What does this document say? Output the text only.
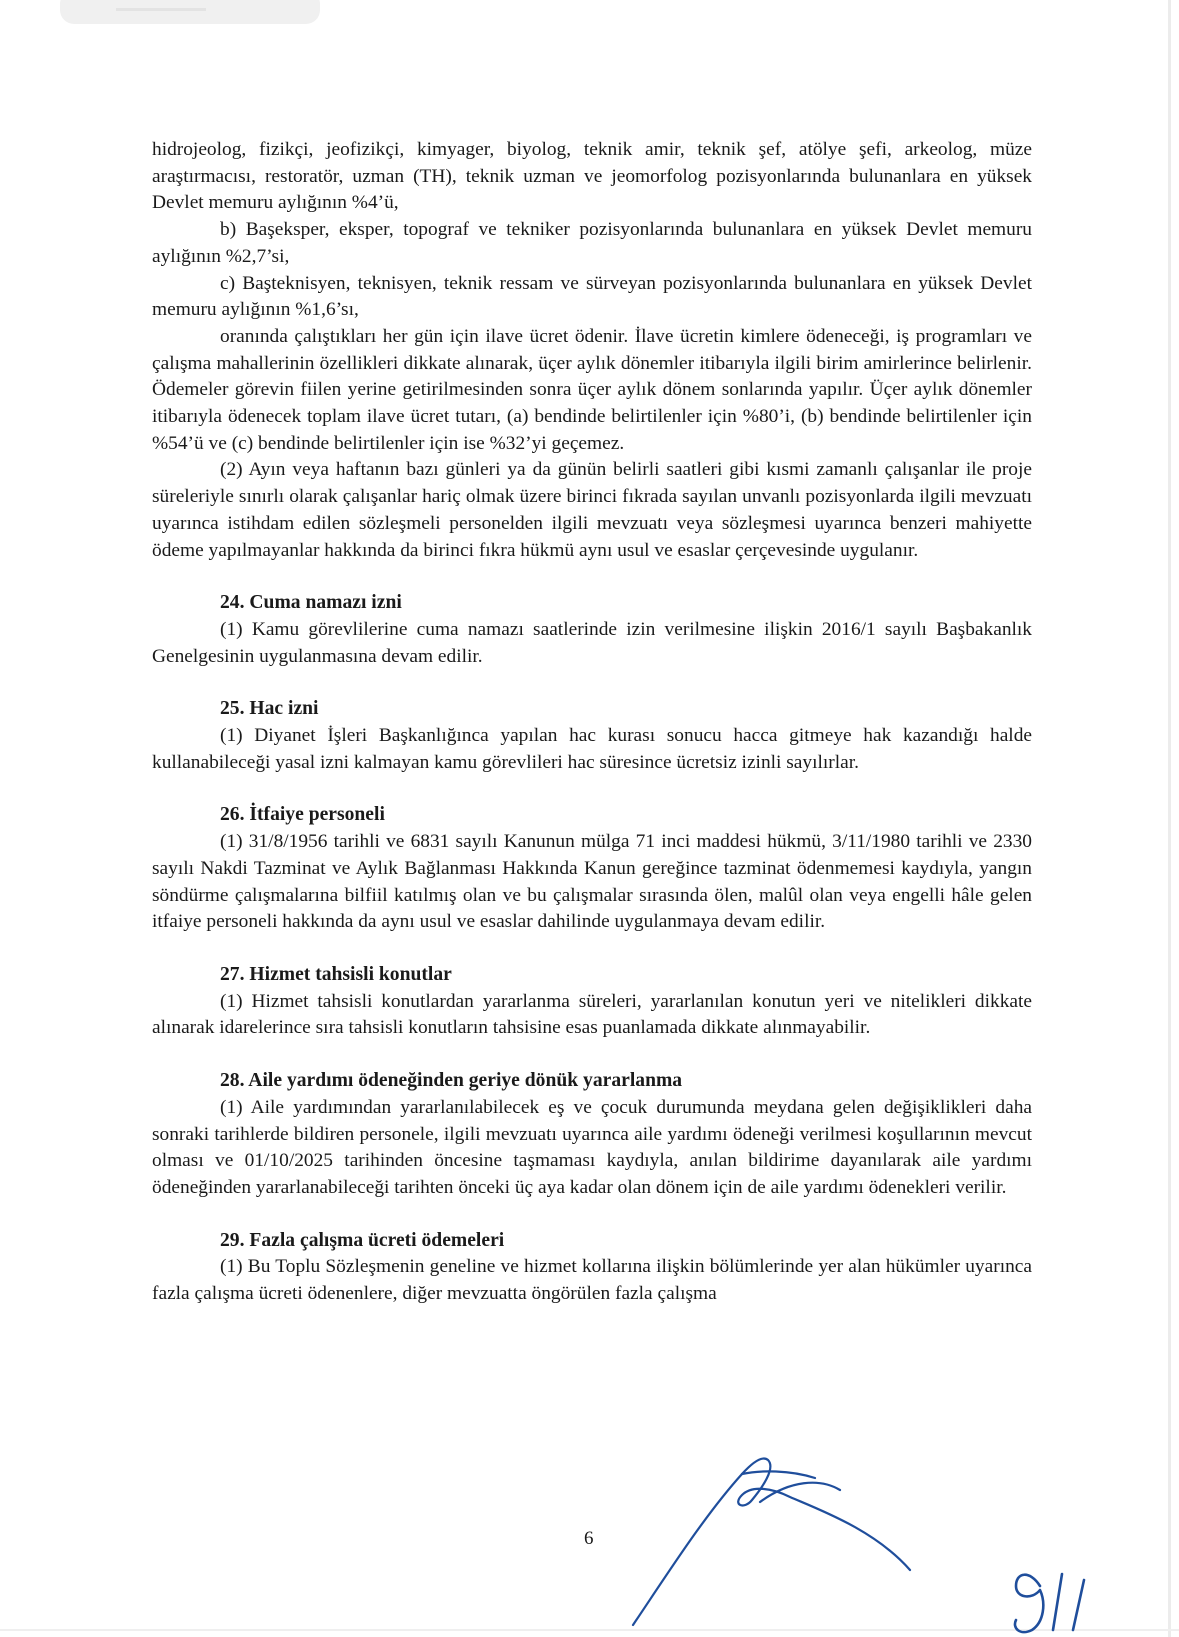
hidrojeolog, fizikçi, jeofizikçi, kimyager, biyolog, teknik amir, teknik şef, atölye şefi, arkeolog, müze araştırmacısı, restoratör, uzman (TH), teknik uzman ve jeomorfolog pozisyonlarında bulunanlara en yüksek Devlet memuru aylığının %4’ü,

b) Başeksper, eksper, topograf ve tekniker pozisyonlarında bulunanlara en yüksek Devlet memuru aylığının %2,7’si,

c) Başteknisyen, teknisyen, teknik ressam ve sürveyan pozisyonlarında bulunanlara en yüksek Devlet memuru aylığının %1,6’sı,

oranında çalıştıkları her gün için ilave ücret ödenir. İlave ücretin kimlere ödeneceği, iş programları ve çalışma mahallerinin özellikleri dikkate alınarak, üçer aylık dönemler itibarıyla ilgili birim amirlerince belirlenir. Ödemeler görevin fiilen yerine getirilmesinden sonra üçer aylık dönem sonlarında yapılır. Üçer aylık dönemler itibarıyla ödenecek toplam ilave ücret tutarı, (a) bendinde belirtilenler için %80’i, (b) bendinde belirtilenler için %54’ü ve (c) bendinde belirtilenler için ise %32’yi geçemez.

(2) Ayın veya haftanın bazı günleri ya da günün belirli saatleri gibi kısmi zamanlı çalışanlar ile proje süreleriyle sınırlı olarak çalışanlar hariç olmak üzere birinci fıkrada sayılan unvanlı pozisyonlarda ilgili mevzuatı uyarınca istihdam edilen sözleşmeli personelden ilgili mevzuatı veya sözleşmesi uyarınca benzeri mahiyette ödeme yapılmayanlar hakkında da birinci fıkra hükmü aynı usul ve esaslar çerçevesinde uygulanır.

24. Cuma namazı izni

(1) Kamu görevlilerine cuma namazı saatlerinde izin verilmesine ilişkin 2016/1 sayılı Başbakanlık Genelgesinin uygulanmasına devam edilir.

25. Hac izni

(1) Diyanet İşleri Başkanlığınca yapılan hac kurası sonucu hacca gitmeye hak kazandığı halde kullanabileceği yasal izni kalmayan kamu görevlileri hac süresince ücretsiz izinli sayılırlar.

26. İtfaiye personeli

(1) 31/8/1956 tarihli ve 6831 sayılı Kanunun mülga 71 inci maddesi hükmü, 3/11/1980 tarihli ve 2330 sayılı Nakdi Tazminat ve Aylık Bağlanması Hakkında Kanun gereğince tazminat ödenmemesi kaydıyla, yangın söndürme çalışmalarına bilfiil katılmış olan ve bu çalışmalar sırasında ölen, malûl olan veya engelli hâle gelen itfaiye personeli hakkında da aynı usul ve esaslar dahilinde uygulanmaya devam edilir.

27. Hizmet tahsisli konutlar

(1) Hizmet tahsisli konutlardan yararlanma süreleri, yararlanılan konutun yeri ve nitelikleri dikkate alınarak idarelerince sıra tahsisli konutların tahsisine esas puanlamada dikkate alınmayabilir.

28. Aile yardımı ödeneğinden geriye dönük yararlanma

(1) Aile yardımından yararlanılabilecek eş ve çocuk durumunda meydana gelen değişiklikleri daha sonraki tarihlerde bildiren personele, ilgili mevzuatı uyarınca aile yardımı ödeneği verilmesi koşullarının mevcut olması ve 01/10/2025 tarihinden öncesine taşmaması kaydıyla, anılan bildirime dayanılarak aile yardımı ödeneğinden yararlanabileceği tarihten önceki üç aya kadar olan dönem için de aile yardımı ödenekleri verilir.

29. Fazla çalışma ücreti ödemeleri

(1) Bu Toplu Sözleşmenin geneline ve hizmet kollarına ilişkin bölümlerinde yer alan hükümler uyarınca fazla çalışma ücreti ödenenlere, diğer mevzuatta öngörülen fazla çalışma

6
